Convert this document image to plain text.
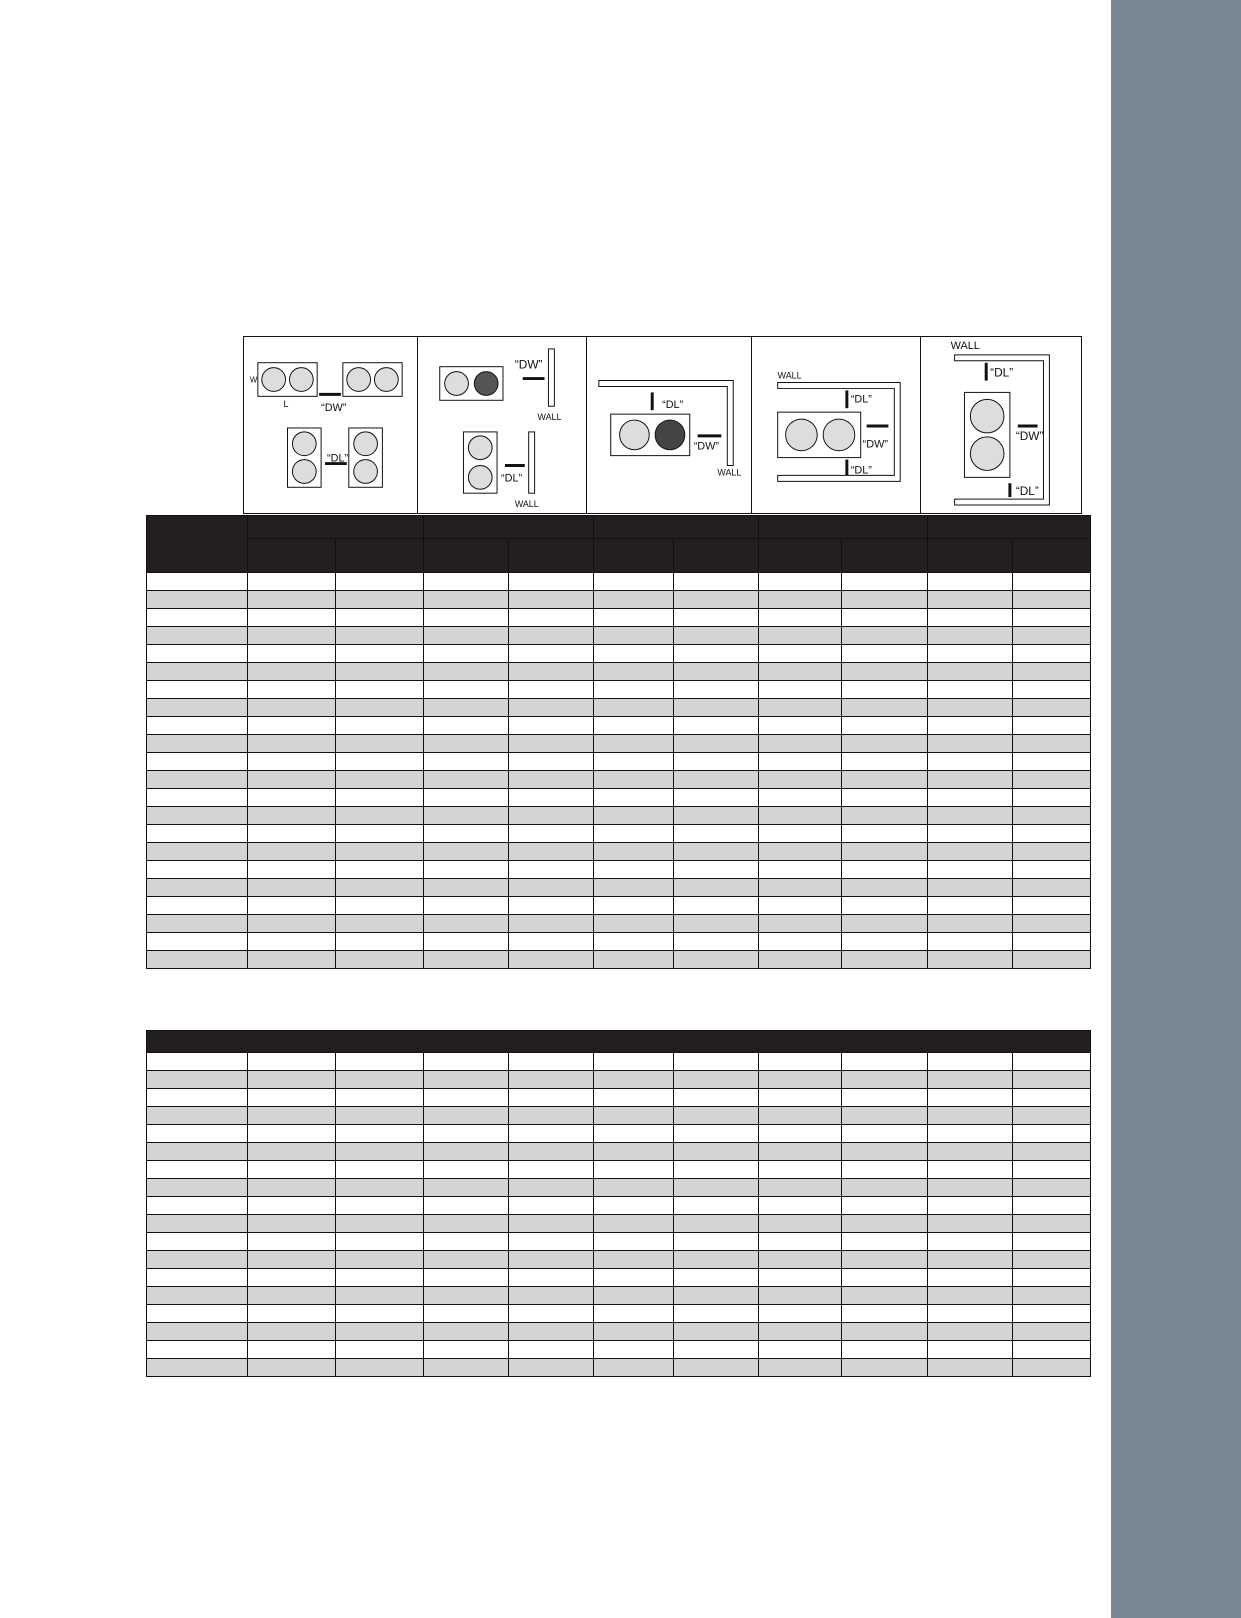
“DW”
“DL”
L
W
“DW”
WALL
“DL”
WALL
“DL”
“DW”
WALL
WALL
“DL”
“DW”
“DL”
WALL
“DL”
“DW”
“DL”
